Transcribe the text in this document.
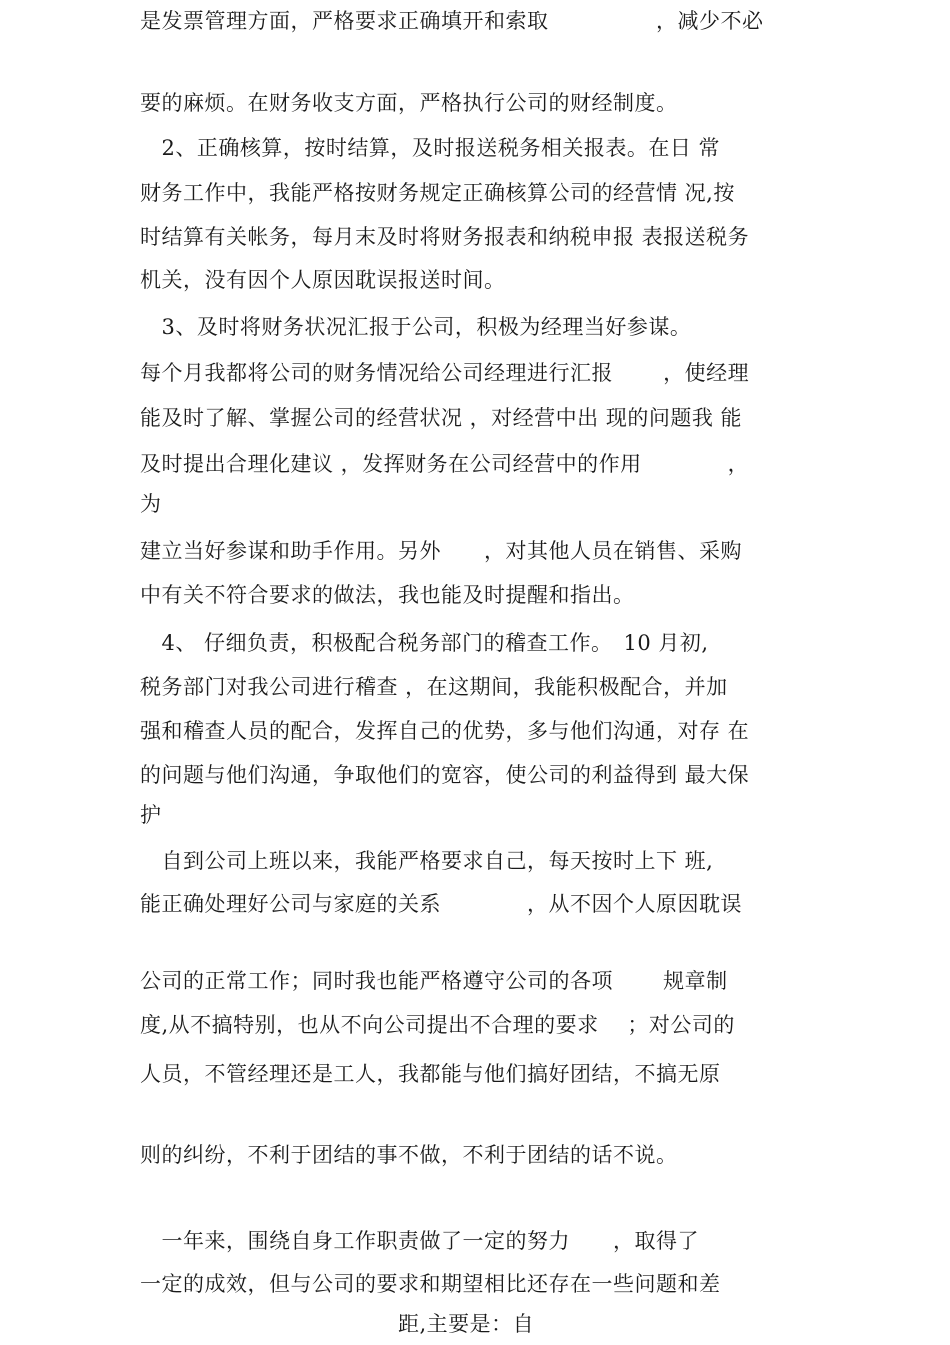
是发票管理方面，严格要求正确填开和索取　　　　　，减少不必
要的麻烦。在财务收支方面，严格执行公司的财经制度。
　2、正确核算，按时结算，及时报送税务相关报表。在日 常
财务工作中，我能严格按财务规定正确核算公司的经营情 况,按
时结算有关帐务，每月末及时将财务报表和纳税申报 表报送税务
机关，没有因个人原因耽误报送时间。
　3、及时将财务状况汇报于公司，积极为经理当好参谋。
每个月我都将公司的财务情况给公司经理进行汇报　　 ，使经理
能及时了解、掌握公司的经营状况 ，对经营中出 现的问题我 能
及时提出合理化建议 ，发挥财务在公司经营中的作用　　　　，
为
建立当好参谋和助手作用。另外　　，对其他人员在销售、采购
中有关不符合要求的做法，我也能及时提醒和指出。
　4、 仔细负责，积极配合税务部门的稽查工作。　10 月初,
税务部门对我公司进行稽查 ，在这期间，我能积极配合，并加
强和稽查人员的配合，发挥自己的优势，多与他们沟通，对存 在
的问题与他们沟通，争取他们的宽容，使公司的利益得到 最大保
护
　自到公司上班以来，我能严格要求自己，每天按时上下 班,
能正确处理好公司与家庭的关系　　　　，从不因个人原因耽误
公司的正常工作；同时我也能严格遵守公司的各项　　 规章制
度,从不搞特别，也从不向公司提出不合理的要求　 ；对公司的
人员，不管经理还是工人，我都能与他们搞好团结，不搞无原
则的纠纷，不利于团结的事不做，不利于团结的话不说。
　一年来，围绕自身工作职责做了一定的努力　　，取得了
一定的成效，但与公司的要求和期望相比还存在一些问题和差
　　　　　　　　　　　　距,主要是：自
